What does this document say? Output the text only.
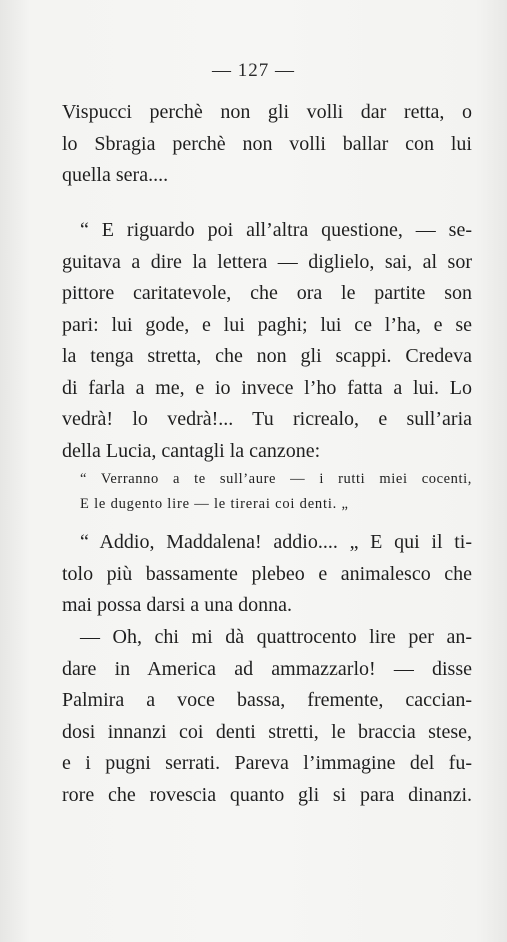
— 127 —
Vispucci perchè non gli volli dar retta, o
lo Sbragia perchè non volli ballar con lui
quella sera....
“ E riguardo poi all’altra questione, — se-
guitava a dire la lettera — diglielo, sai, al sor
pittore caritatevole, che ora le partite son
pari: lui gode, e lui paghi; lui ce l’ha, e se
la tenga stretta, che non gli scappi. Credeva
di farla a me, e io invece l’ho fatta a lui. Lo
vedrà! lo vedrà!... Tu ricrealo, e sull’aria
della Lucia, cantagli la canzone:
“ Verranno a te sull’aure — i rutti miei cocenti,
E le dugento lire — le tirerai coi denti. „
“ Addio, Maddalena! addio.... „ E qui il ti-
tolo più bassamente plebeo e animalesco che
mai possa darsi a una donna.
— Oh, chi mi dà quattrocento lire per an-
dare in America ad ammazzarlo! — disse
Palmira a voce bassa, fremente, caccian-
dosi innanzi coi denti stretti, le braccia stese,
e i pugni serrati. Pareva l’immagine del fu-
rore che rovescia quanto gli si para dinanzi.
